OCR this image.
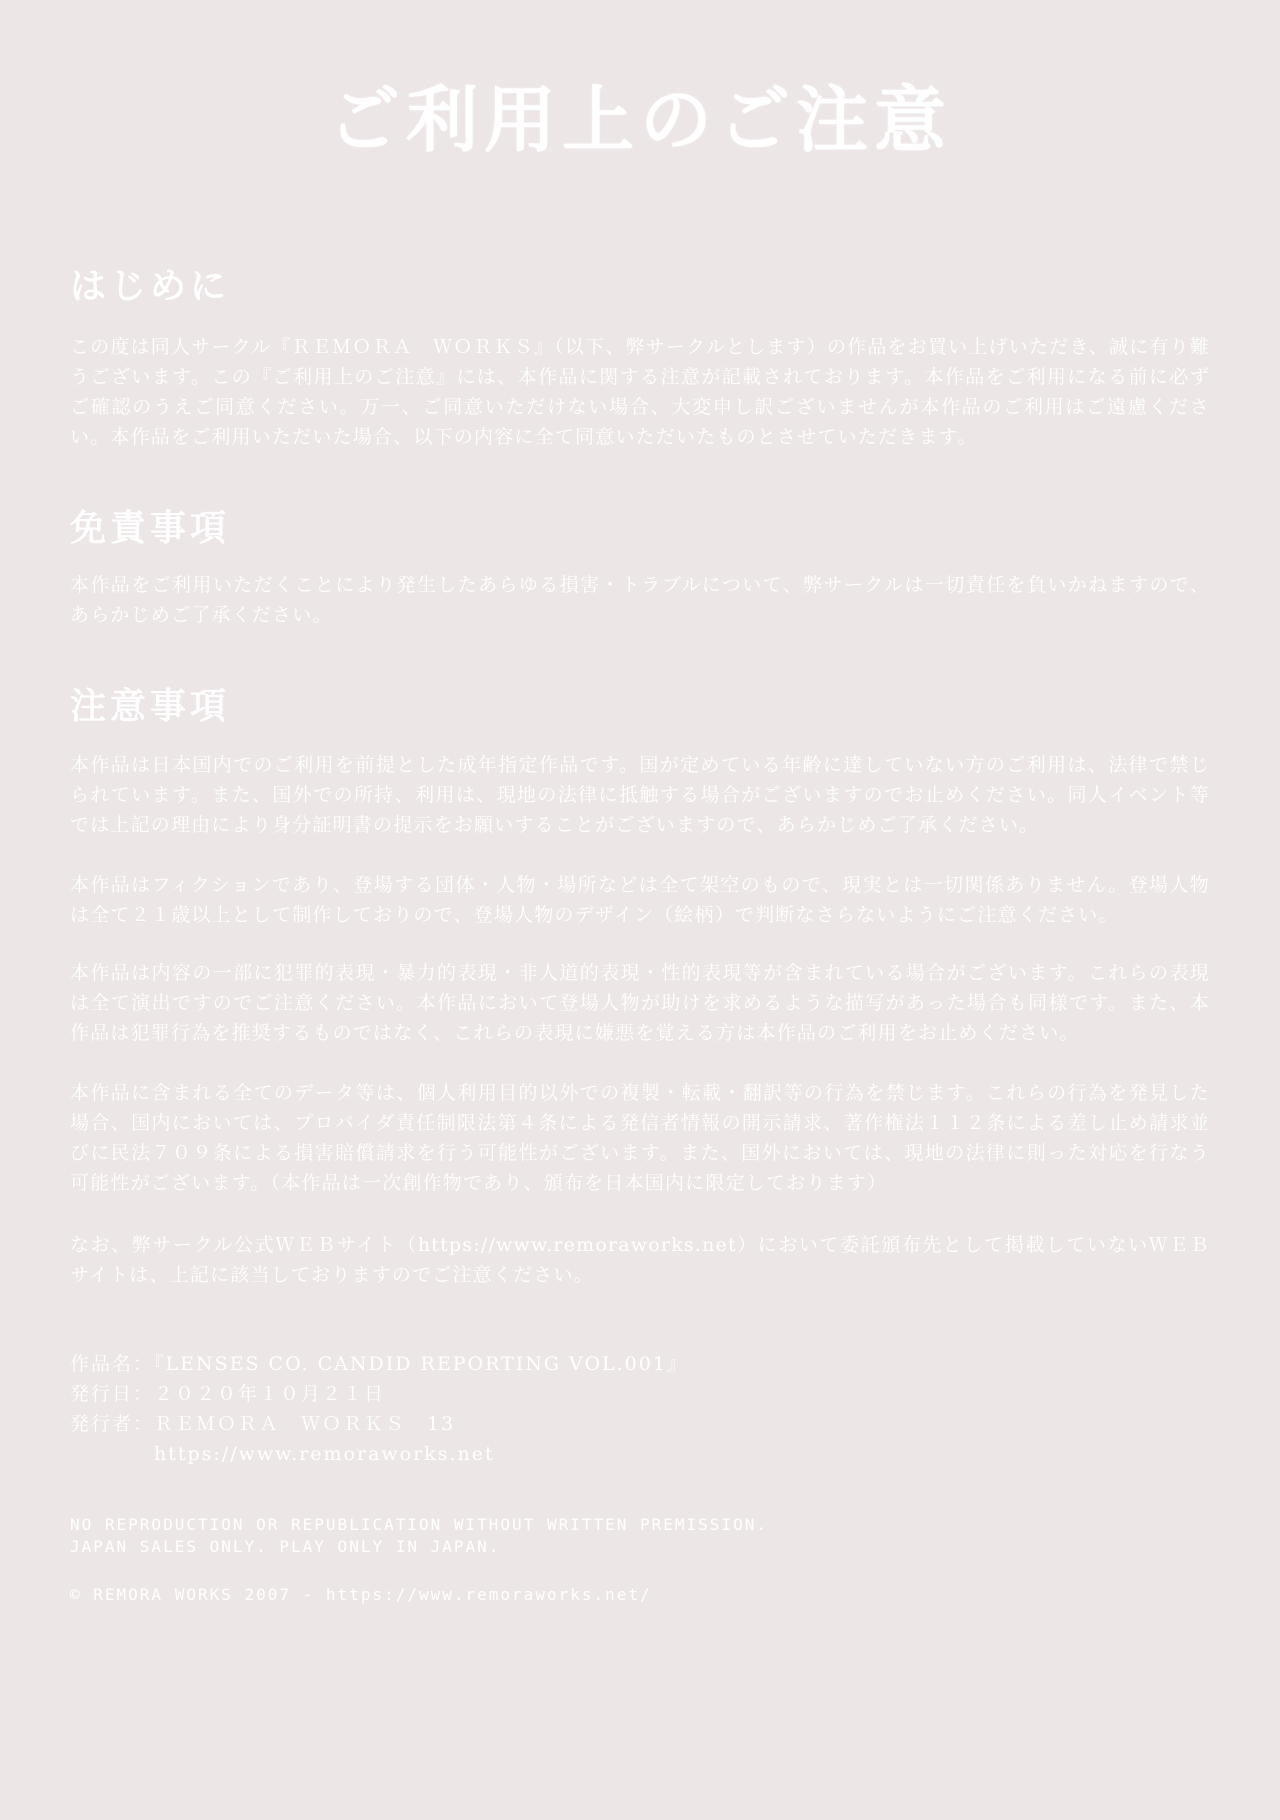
ご利用上のご注意
はじめに
この度は同人サークル『ＲＥＭＯＲＡ　ＷＯＲＫＳ』（以下、弊サークルとします）の作品をお買い上げいただき、誠に有り難うございます。この『ご利用上のご注意』には、本作品に関する注意が記載されております。本作品をご利用になる前に必ずご確認のうえご同意ください。万一、ご同意いただけない場合、大変申し訳ございませんが本作品のご利用はご遠慮ください。本作品をご利用いただいた場合、以下の内容に全て同意いただいたものとさせていただきます。
免責事項
本作品をご利用いただくことにより発生したあらゆる損害・トラブルについて、弊サークルは一切責任を負いかねますので、あらかじめご了承ください。
注意事項
本作品は日本国内でのご利用を前提とした成年指定作品です。国が定めている年齢に達していない方のご利用は、法律で禁じられています。また、国外での所持、利用は、現地の法律に抵触する場合がございますのでお止めください。同人イベント等では上記の理由により身分証明書の提示をお願いすることがございますので、あらかじめご了承ください。
本作品はフィクションであり、登場する団体・人物・場所などは全て架空のもので、現実とは一切関係ありません。登場人物は全て２１歳以上として制作しておりので、登場人物のデザイン（絵柄）で判断なさらないようにご注意ください。
本作品は内容の一部に犯罪的表現・暴力的表現・非人道的表現・性的表現等が含まれている場合がございます。これらの表現は全て演出ですのでご注意ください。本作品において登場人物が助けを求めるような描写があった場合も同様です。また、本作品は犯罪行為を推奨するものではなく、これらの表現に嫌悪を覚える方は本作品のご利用をお止めください。
本作品に含まれる全てのデータ等は、個人利用目的以外での複製・転載・翻訳等の行為を禁じます。これらの行為を発見した場合、国内においては、プロバイダ責任制限法第４条による発信者情報の開示請求、著作権法１１２条による差し止め請求並びに民法７０９条による損害賠償請求を行う可能性がございます。また、国外においては、現地の法律に則った対応を行なう可能性がございます。（本作品は一次創作物であり、頒布を日本国内に限定しております）
なお、弊サークル公式ＷＥＢサイト（https://www.remoraworks.net）において委託頒布先として掲載していないＷＥＢサイトは、上記に該当しておりますのでご注意ください。
作品名：『LENSES CO. CANDID REPORTING VOL.001』
発行日：２０２０年１０月２１日
発行者：ＲＥＭＯＲＡ　ＷＯＲＫＳ　13
https://www.remoraworks.net
NO REPRODUCTION OR REPUBLICATION WITHOUT WRITTEN PREMISSION.
JAPAN SALES ONLY. PLAY ONLY IN JAPAN.
© REMORA WORKS 2007 - https://www.remoraworks.net/
